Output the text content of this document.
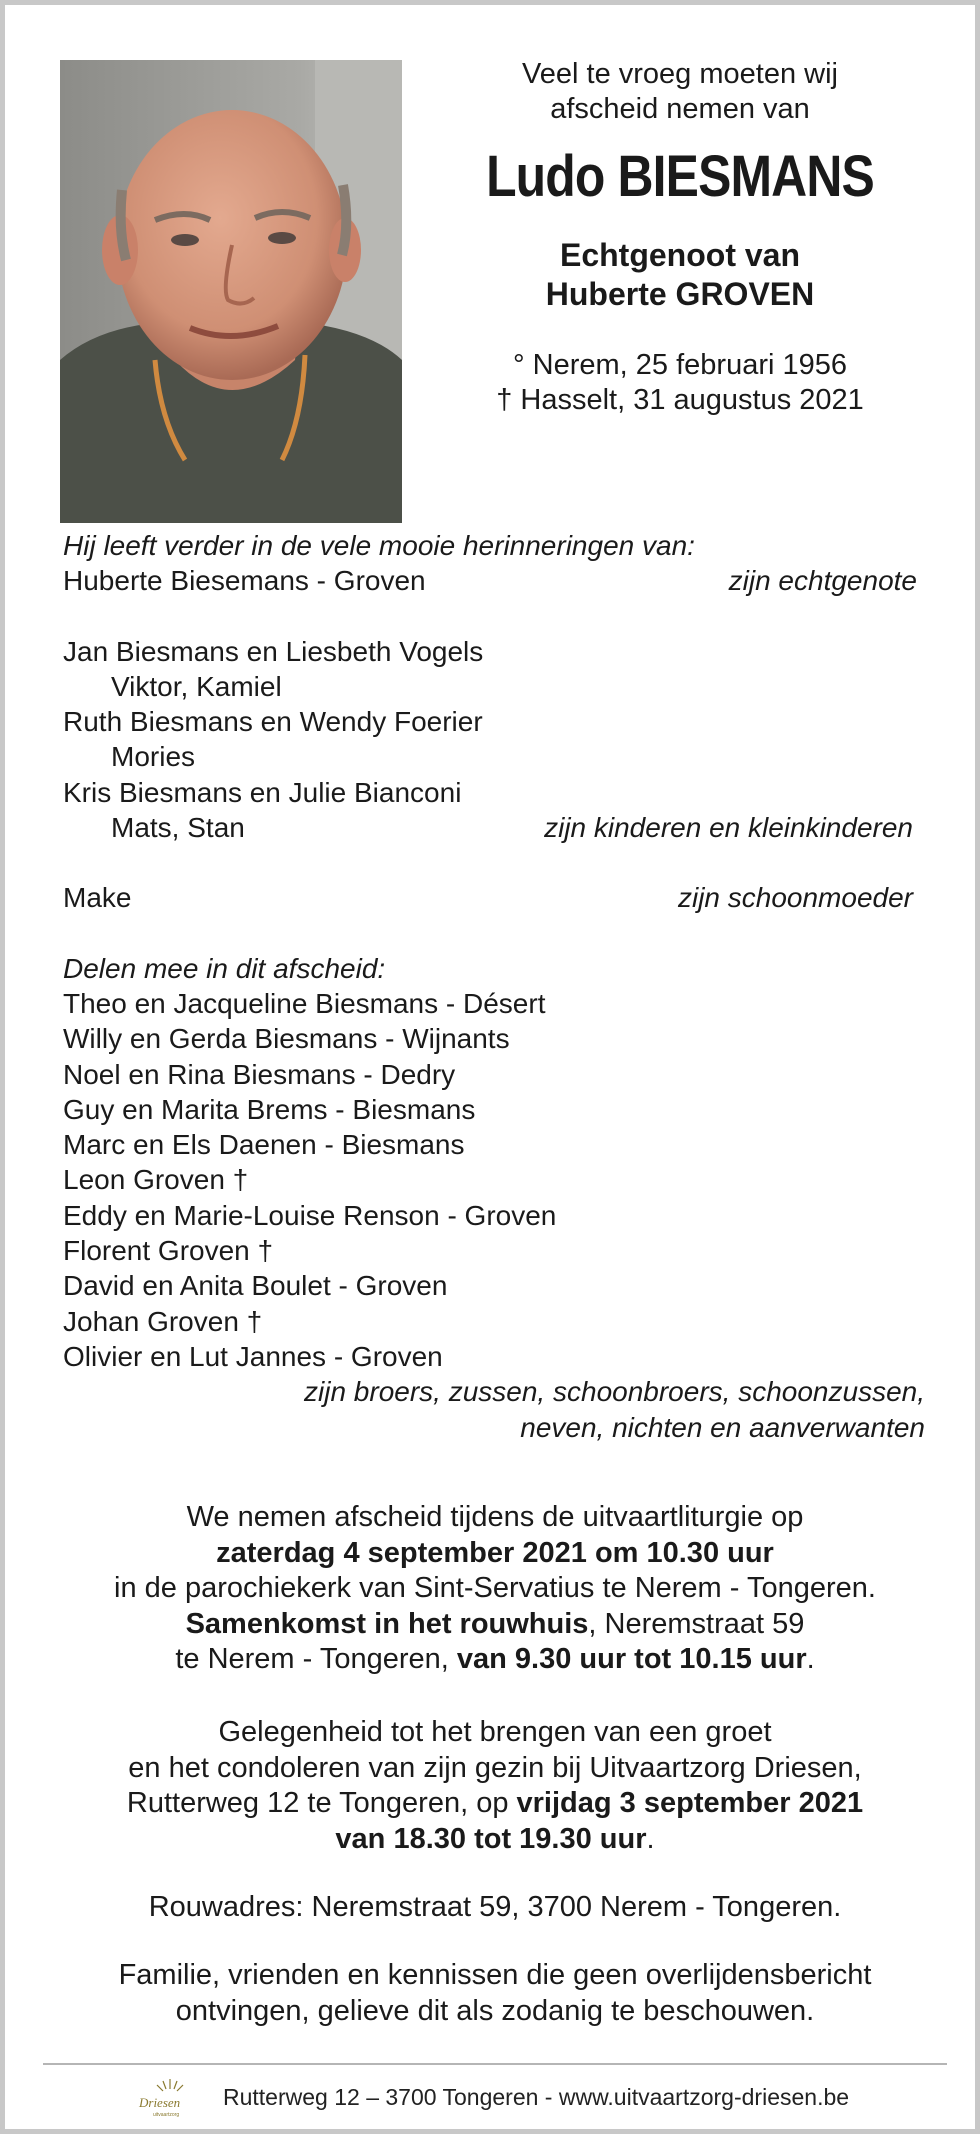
Veel te vroeg moeten wij
afscheid nemen van
Ludo BIESMANS
Echtgenoot van
Huberte GROVEN
° Nerem, 25 februari 1956
† Hasselt, 31 augustus 2021
Hij leeft verder in de vele mooie herinneringen van:
Huberte Biesemans - Groven	zijn echtgenote
Jan Biesmans en Liesbeth Vogels
Viktor, Kamiel
Ruth Biesmans en Wendy Foerier
Mories
Kris Biesmans en Julie Bianconi
Mats, Stan	zijn kinderen en kleinkinderen
Make	zijn schoonmoeder
Delen mee in dit afscheid:
Theo en Jacqueline Biesmans - Désert
Willy en Gerda Biesmans - Wijnants
Noel en Rina Biesmans - Dedry
Guy en Marita Brems - Biesmans
Marc en Els Daenen - Biesmans
Leon Groven †
Eddy en Marie-Louise Renson - Groven
Florent Groven †
David en Anita Boulet - Groven
Johan Groven †
Olivier en Lut Jannes - Groven
zijn broers, zussen, schoonbroers, schoonzussen,
neven, nichten en aanverwanten
We nemen afscheid tijdens de uitvaartliturgie op
zaterdag 4 september 2021 om 10.30 uur
in de parochiekerk van Sint-Servatius te Nerem - Tongeren.
Samenkomst in het rouwhuis, Neremstraat 59
te Nerem - Tongeren, van 9.30 uur tot 10.15 uur.
Gelegenheid tot het brengen van een groet
en het condoleren van zijn gezin bij Uitvaartzorg Driesen,
Rutterweg 12 te Tongeren, op vrijdag 3 september 2021
van 18.30 tot 19.30 uur.
Rouwadres: Neremstraat 59, 3700 Nerem - Tongeren.
Familie, vrienden en kennissen die geen overlijdensbericht
ontvingen, gelieve dit als zodanig te beschouwen.
Driesen
uitvaartzorg
Rutterweg 12 – 3700 Tongeren - www.uitvaartzorg-driesen.be
